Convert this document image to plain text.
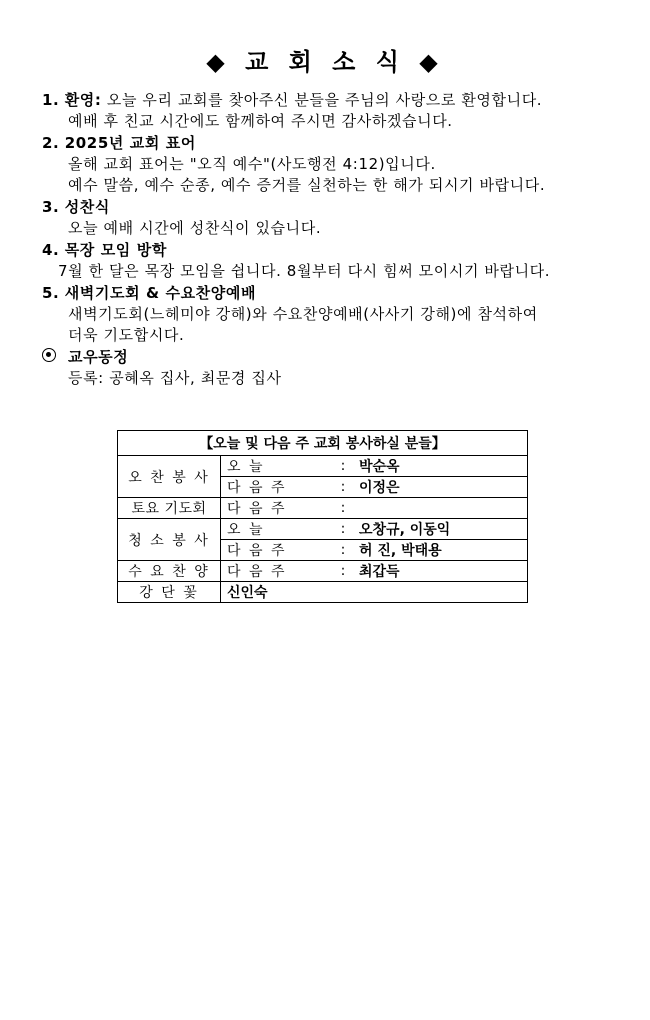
◆ 교 회 소 식 ◆
1. 환영: 오늘 우리 교회를 찾아주신 분들을 주님의 사랑으로 환영합니다.
예배 후 친교 시간에도 함께하여 주시면 감사하겠습니다.
2. 2025년 교회 표어
올해 교회 표어는 "오직 예수"(사도행전 4:12)입니다.
예수 말씀, 예수 순종, 예수 증거를 실천하는 한 해가 되시기 바랍니다.
3. 성찬식
오늘 예배 시간에 성찬식이 있습니다.
4. 목장 모임 방학
7월 한 달은 목장 모임을 쉽니다. 8월부터 다시 힘써 모이시기 바랍니다.
5. 새벽기도회 & 수요찬양예배
새벽기도회(느헤미야 강해)와 수요찬양예배(사사기 강해)에 참석하여
더욱 기도합시다.
교우동정
등록: 공혜옥 집사, 최문경 집사
【오늘 및 다음 주 교회 봉사하실 분들】			
오 찬 봉 사	오 늘	:	박순옥
	다 음 주	:	이정은
토요 기도회	다 음 주	:	
청 소 봉 사	오 늘	:	오창규, 이동익
	다 음 주	:	허 진, 박태용
수 요 찬 양	다 음 주	:	최갑득
강 단 꽃	신인숙		
